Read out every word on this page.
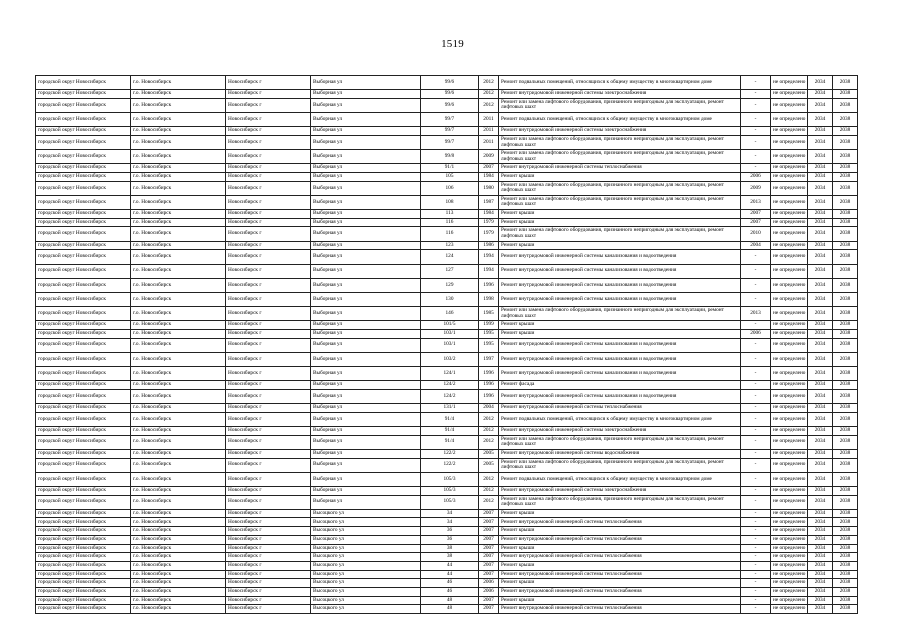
1519
городской округ Новосибирск	г.о. Новосибирск	Новосибирск г	Выборная ул	99/6	2012	Ремонт подвальных помещений, относящихся к общему имуществу в многоквартирном доме	-	не определено	2034	2038
городской округ Новосибирск	г.о. Новосибирск	Новосибирск г	Выборная ул	99/6	2012	Ремонт внутридомовой инженерной системы электроснабжения	-	не определено	2034	2038
городской округ Новосибирск	г.о. Новосибирск	Новосибирск г	Выборная ул	99/6	2012	Ремонт или замена лифтового оборудования, признанного непригодным для эксплуатации, ремонт лифтовых шахт	-	не определено	2034	2038
городской округ Новосибирск	г.о. Новосибирск	Новосибирск г	Выборная ул	99/7	2011	Ремонт подвальных помещений, относящихся к общему имуществу в многоквартирном доме	-	не определено	2034	2038
городской округ Новосибирск	г.о. Новосибирск	Новосибирск г	Выборная ул	99/7	2011	Ремонт внутридомовой инженерной системы электроснабжения	-	не определено	2034	2038
городской округ Новосибирск	г.о. Новосибирск	Новосибирск г	Выборная ул	99/7	2011	Ремонт или замена лифтового оборудования, признанного непригодным для эксплуатации, ремонт лифтовых шахт	-	не определено	2034	2038
городской округ Новосибирск	г.о. Новосибирск	Новосибирск г	Выборная ул	99/8	2009	Ремонт или замена лифтового оборудования, признанного непригодным для эксплуатации, ремонт лифтовых шахт	-	не определено	2034	2038
городской округ Новосибирск	г.о. Новосибирск	Новосибирск г	Выборная ул	91/1	2007	Ремонт внутридомовой инженерной системы теплоснабжения	-	не определено	2034	2038
городской округ Новосибирск	г.о. Новосибирск	Новосибирск г	Выборная ул	105	1984	Ремонт крыши	2006	не определено	2034	2038
городской округ Новосибирск	г.о. Новосибирск	Новосибирск г	Выборная ул	106	1980	Ремонт или замена лифтового оборудования, признанного непригодным для эксплуатации, ремонт лифтовых шахт	2009	не определено	2034	2038
городской округ Новосибирск	г.о. Новосибирск	Новосибирск г	Выборная ул	108	1987	Ремонт или замена лифтового оборудования, признанного непригодным для эксплуатации, ремонт лифтовых шахт	2013	не определено	2034	2038
городской округ Новосибирск	г.о. Новосибирск	Новосибирск г	Выборная ул	113	1984	Ремонт крыши	2007	не определено	2034	2038
городской округ Новосибирск	г.о. Новосибирск	Новосибирск г	Выборная ул	116	1979	Ремонт крыши	2007	не определено	2034	2038
городской округ Новосибирск	г.о. Новосибирск	Новосибирск г	Выборная ул	116	1979	Ремонт или замена лифтового оборудования, признанного непригодным для эксплуатации, ремонт лифтовых шахт	2010	не определено	2034	2038
городской округ Новосибирск	г.о. Новосибирск	Новосибирск г	Выборная ул	123	1986	Ремонт крыши	2004	не определено	2034	2038
городской округ Новосибирск	г.о. Новосибирск	Новосибирск г	Выборная ул	124	1994	Ремонт внутридомовой инженерной системы канализования и водоотведения	-	не определено	2034	2038
городской округ Новосибирск	г.о. Новосибирск	Новосибирск г	Выборная ул	127	1994	Ремонт внутридомовой инженерной системы канализования и водоотведения	-	не определено	2034	2038
городской округ Новосибирск	г.о. Новосибирск	Новосибирск г	Выборная ул	129	1996	Ремонт внутридомовой инженерной системы канализования и водоотведения	-	не определено	2034	2038
городской округ Новосибирск	г.о. Новосибирск	Новосибирск г	Выборная ул	130	1998	Ремонт внутридомовой инженерной системы канализования и водоотведения	-	не определено	2034	2038
городской округ Новосибирск	г.о. Новосибирск	Новосибирск г	Выборная ул	146	1985	Ремонт или замена лифтового оборудования, признанного непригодным для эксплуатации, ремонт лифтовых шахт	2013	не определено	2034	2038
городской округ Новосибирск	г.о. Новосибирск	Новосибирск г	Выборная ул	101/5	1999	Ремонт крыши	-	не определено	2034	2038
городской округ Новосибирск	г.о. Новосибирск	Новосибирск г	Выборная ул	103/1	1995	Ремонт крыши	2006	не определено	2034	2038
городской округ Новосибирск	г.о. Новосибирск	Новосибирск г	Выборная ул	103/1	1995	Ремонт внутридомовой инженерной системы канализования и водоотведения	-	не определено	2034	2038
городской округ Новосибирск	г.о. Новосибирск	Новосибирск г	Выборная ул	103/2	1997	Ремонт внутридомовой инженерной системы канализования и водоотведения	-	не определено	2034	2038
городской округ Новосибирск	г.о. Новосибирск	Новосибирск г	Выборная ул	124/1	1996	Ремонт внутридомовой инженерной системы канализования и водоотведения	-	не определено	2034	2038
городской округ Новосибирск	г.о. Новосибирск	Новосибирск г	Выборная ул	124/2	1996	Ремонт фасада	-	не определено	2034	2038
городской округ Новосибирск	г.о. Новосибирск	Новосибирск г	Выборная ул	124/2	1996	Ремонт внутридомовой инженерной системы канализования и водоотведения	-	не определено	2034	2038
городской округ Новосибирск	г.о. Новосибирск	Новосибирск г	Выборная ул	131/1	2004	Ремонт внутридомовой инженерной системы теплоснабжения	-	не определено	2034	2038
городской округ Новосибирск	г.о. Новосибирск	Новосибирск г	Выборная ул	91/4	2012	Ремонт подвальных помещений, относящихся к общему имуществу в многоквартирном доме	-	не определено	2034	2038
городской округ Новосибирск	г.о. Новосибирск	Новосибирск г	Выборная ул	91/4	2012	Ремонт внутридомовой инженерной системы электроснабжения	-	не определено	2034	2038
городской округ Новосибирск	г.о. Новосибирск	Новосибирск г	Выборная ул	91/4	2012	Ремонт или замена лифтового оборудования, признанного непригодным для эксплуатации, ремонт лифтовых шахт	-	не определено	2034	2038
городской округ Новосибирск	г.о. Новосибирск	Новосибирск г	Выборная ул	122/2	2005	Ремонт внутридомовой инженерной системы водоснабжения	-	не определено	2034	2038
городской округ Новосибирск	г.о. Новосибирск	Новосибирск г	Выборная ул	122/2	2005	Ремонт или замена лифтового оборудования, признанного непригодным для эксплуатации, ремонт лифтовых шахт	-	не определено	2034	2038
городской округ Новосибирск	г.о. Новосибирск	Новосибирск г	Выборная ул	105/3	2012	Ремонт подвальных помещений, относящихся к общему имуществу в многоквартирном доме	-	не определено	2034	2038
городской округ Новосибирск	г.о. Новосибирск	Новосибирск г	Выборная ул	105/3	2012	Ремонт внутридомовой инженерной системы электроснабжения	-	не определено	2034	2038
городской округ Новосибирск	г.о. Новосибирск	Новосибирск г	Выборная ул	105/3	2012	Ремонт или замена лифтового оборудования, признанного непригодным для эксплуатации, ремонт лифтовых шахт	-	не определено	2034	2038
городской округ Новосибирск	г.о. Новосибирск	Новосибирск г	Высоцкого ул	34	2007	Ремонт крыши	-	не определено	2034	2038
городской округ Новосибирск	г.о. Новосибирск	Новосибирск г	Высоцкого ул	34	2007	Ремонт внутридомовой инженерной системы теплоснабжения	-	не определено	2034	2038
городской округ Новосибирск	г.о. Новосибирск	Новосибирск г	Высоцкого ул	36	2007	Ремонт крыши	-	не определено	2034	2038
городской округ Новосибирск	г.о. Новосибирск	Новосибирск г	Высоцкого ул	36	2007	Ремонт внутридомовой инженерной системы теплоснабжения	-	не определено	2034	2038
городской округ Новосибирск	г.о. Новосибирск	Новосибирск г	Высоцкого ул	38	2007	Ремонт крыши	-	не определено	2034	2038
городской округ Новосибирск	г.о. Новосибирск	Новосибирск г	Высоцкого ул	38	2007	Ремонт внутридомовой инженерной системы теплоснабжения	-	не определено	2034	2038
городской округ Новосибирск	г.о. Новосибирск	Новосибирск г	Высоцкого ул	44	2007	Ремонт крыши	-	не определено	2034	2038
городской округ Новосибирск	г.о. Новосибирск	Новосибирск г	Высоцкого ул	44	2007	Ремонт внутридомовой инженерной системы теплоснабжения	-	не определено	2034	2038
городской округ Новосибирск	г.о. Новосибирск	Новосибирск г	Высоцкого ул	46	2006	Ремонт крыши	-	не определено	2034	2038
городской округ Новосибирск	г.о. Новосибирск	Новосибирск г	Высоцкого ул	46	2006	Ремонт внутридомовой инженерной системы теплоснабжения	-	не определено	2034	2038
городской округ Новосибирск	г.о. Новосибирск	Новосибирск г	Высоцкого ул	48	2007	Ремонт крыши	-	не определено	2034	2038
городской округ Новосибирск	г.о. Новосибирск	Новосибирск г	Высоцкого ул	48	2007	Ремонт внутридомовой инженерной системы теплоснабжения	-	не определено	2034	2038
